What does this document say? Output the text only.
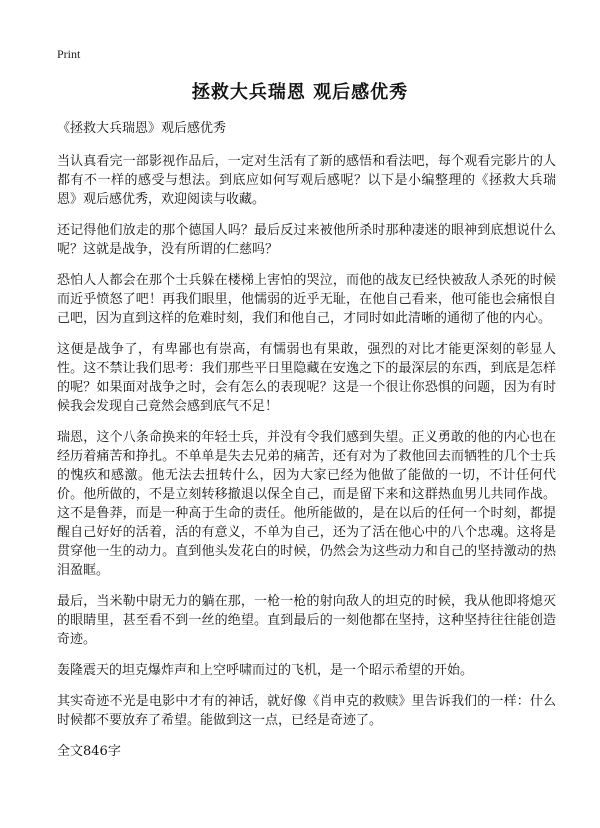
Print
拯救大兵瑞恩 观后感优秀

《拯救大兵瑞恩》观后感优秀

当认真看完一部影视作品后，一定对生活有了新的感悟和看法吧，每个观看完影片的人都有不一样的感受与想法。到底应如何写观后感呢？以下是小编整理的《拯救大兵瑞恩》观后感优秀，欢迎阅读与收藏。

还记得他们放走的那个德国人吗？最后反过来被他所杀时那种凄迷的眼神到底想说什么呢？这就是战争，没有所谓的仁慈吗？

恐怕人人都会在那个士兵躲在楼梯上害怕的哭泣，而他的战友已经快被敌人杀死的时候而近乎愤怒了吧！再我们眼里，他懦弱的近乎无耻，在他自己看来，他可能也会痛恨自己吧，因为直到这样的危难时刻，我们和他自己，才同时如此清晰的通彻了他的内心。

这便是战争了，有卑鄙也有崇高，有懦弱也有果敢，强烈的对比才能更深刻的彰显人性。这不禁让我们思考：我们那些平日里隐藏在安逸之下的最深层的东西，到底是怎样的呢？如果面对战争之时，会有怎么的表现呢？这是一个很让你恐惧的问题，因为有时候我会发现自己竟然会感到底气不足！

瑞恩，这个八条命换来的年轻士兵，并没有令我们感到失望。正义勇敢的他的内心也在经历着痛苦和挣扎。不单单是失去兄弟的痛苦，还有对为了救他回去而牺牲的几个士兵的愧疚和感激。他无法去扭转什么，因为大家已经为他做了能做的一切，不计任何代价。他所做的，不是立刻转移撤退以保全自己，而是留下来和这群热血男儿共同作战。这不是鲁莽，而是一种高于生命的责任。他所能做的，是在以后的任何一个时刻，都提醒自己好好的活着，活的有意义，不单为自己，还为了活在他心中的八个忠魂。这将是贯穿他一生的动力。直到他头发花白的时候，仍然会为这些动力和自己的坚持激动的热泪盈眶。

最后，当米勒中尉无力的躺在那，一枪一枪的射向敌人的坦克的时候，我从他即将熄灭的眼睛里，甚至看不到一丝的绝望。直到最后的一刻他都在坚持，这种坚持往往能创造奇迹。

轰隆震天的坦克爆炸声和上空呼啸而过的飞机，是一个昭示希望的开始。

其实奇迹不光是电影中才有的神话，就好像《肖申克的救赎》里告诉我们的一样：什么时候都不要放弃了希望。能做到这一点，已经是奇迹了。

全文846字
